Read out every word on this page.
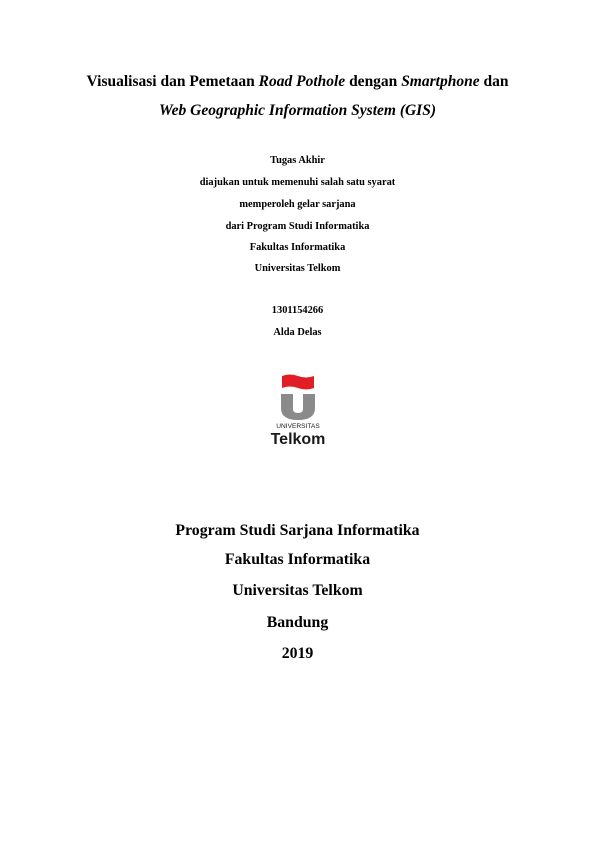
Visualisasi dan Pemetaan Road Pothole dengan Smartphone dan
Web Geographic Information System (GIS)
Tugas Akhir
diajukan untuk memenuhi salah satu syarat
memperoleh gelar sarjana
dari Program Studi Informatika
Fakultas Informatika
Universitas Telkom
1301154266
Alda Delas
UNIVERSITAS
Telkom
Program Studi Sarjana Informatika
Fakultas Informatika
Universitas Telkom
Bandung
2019
